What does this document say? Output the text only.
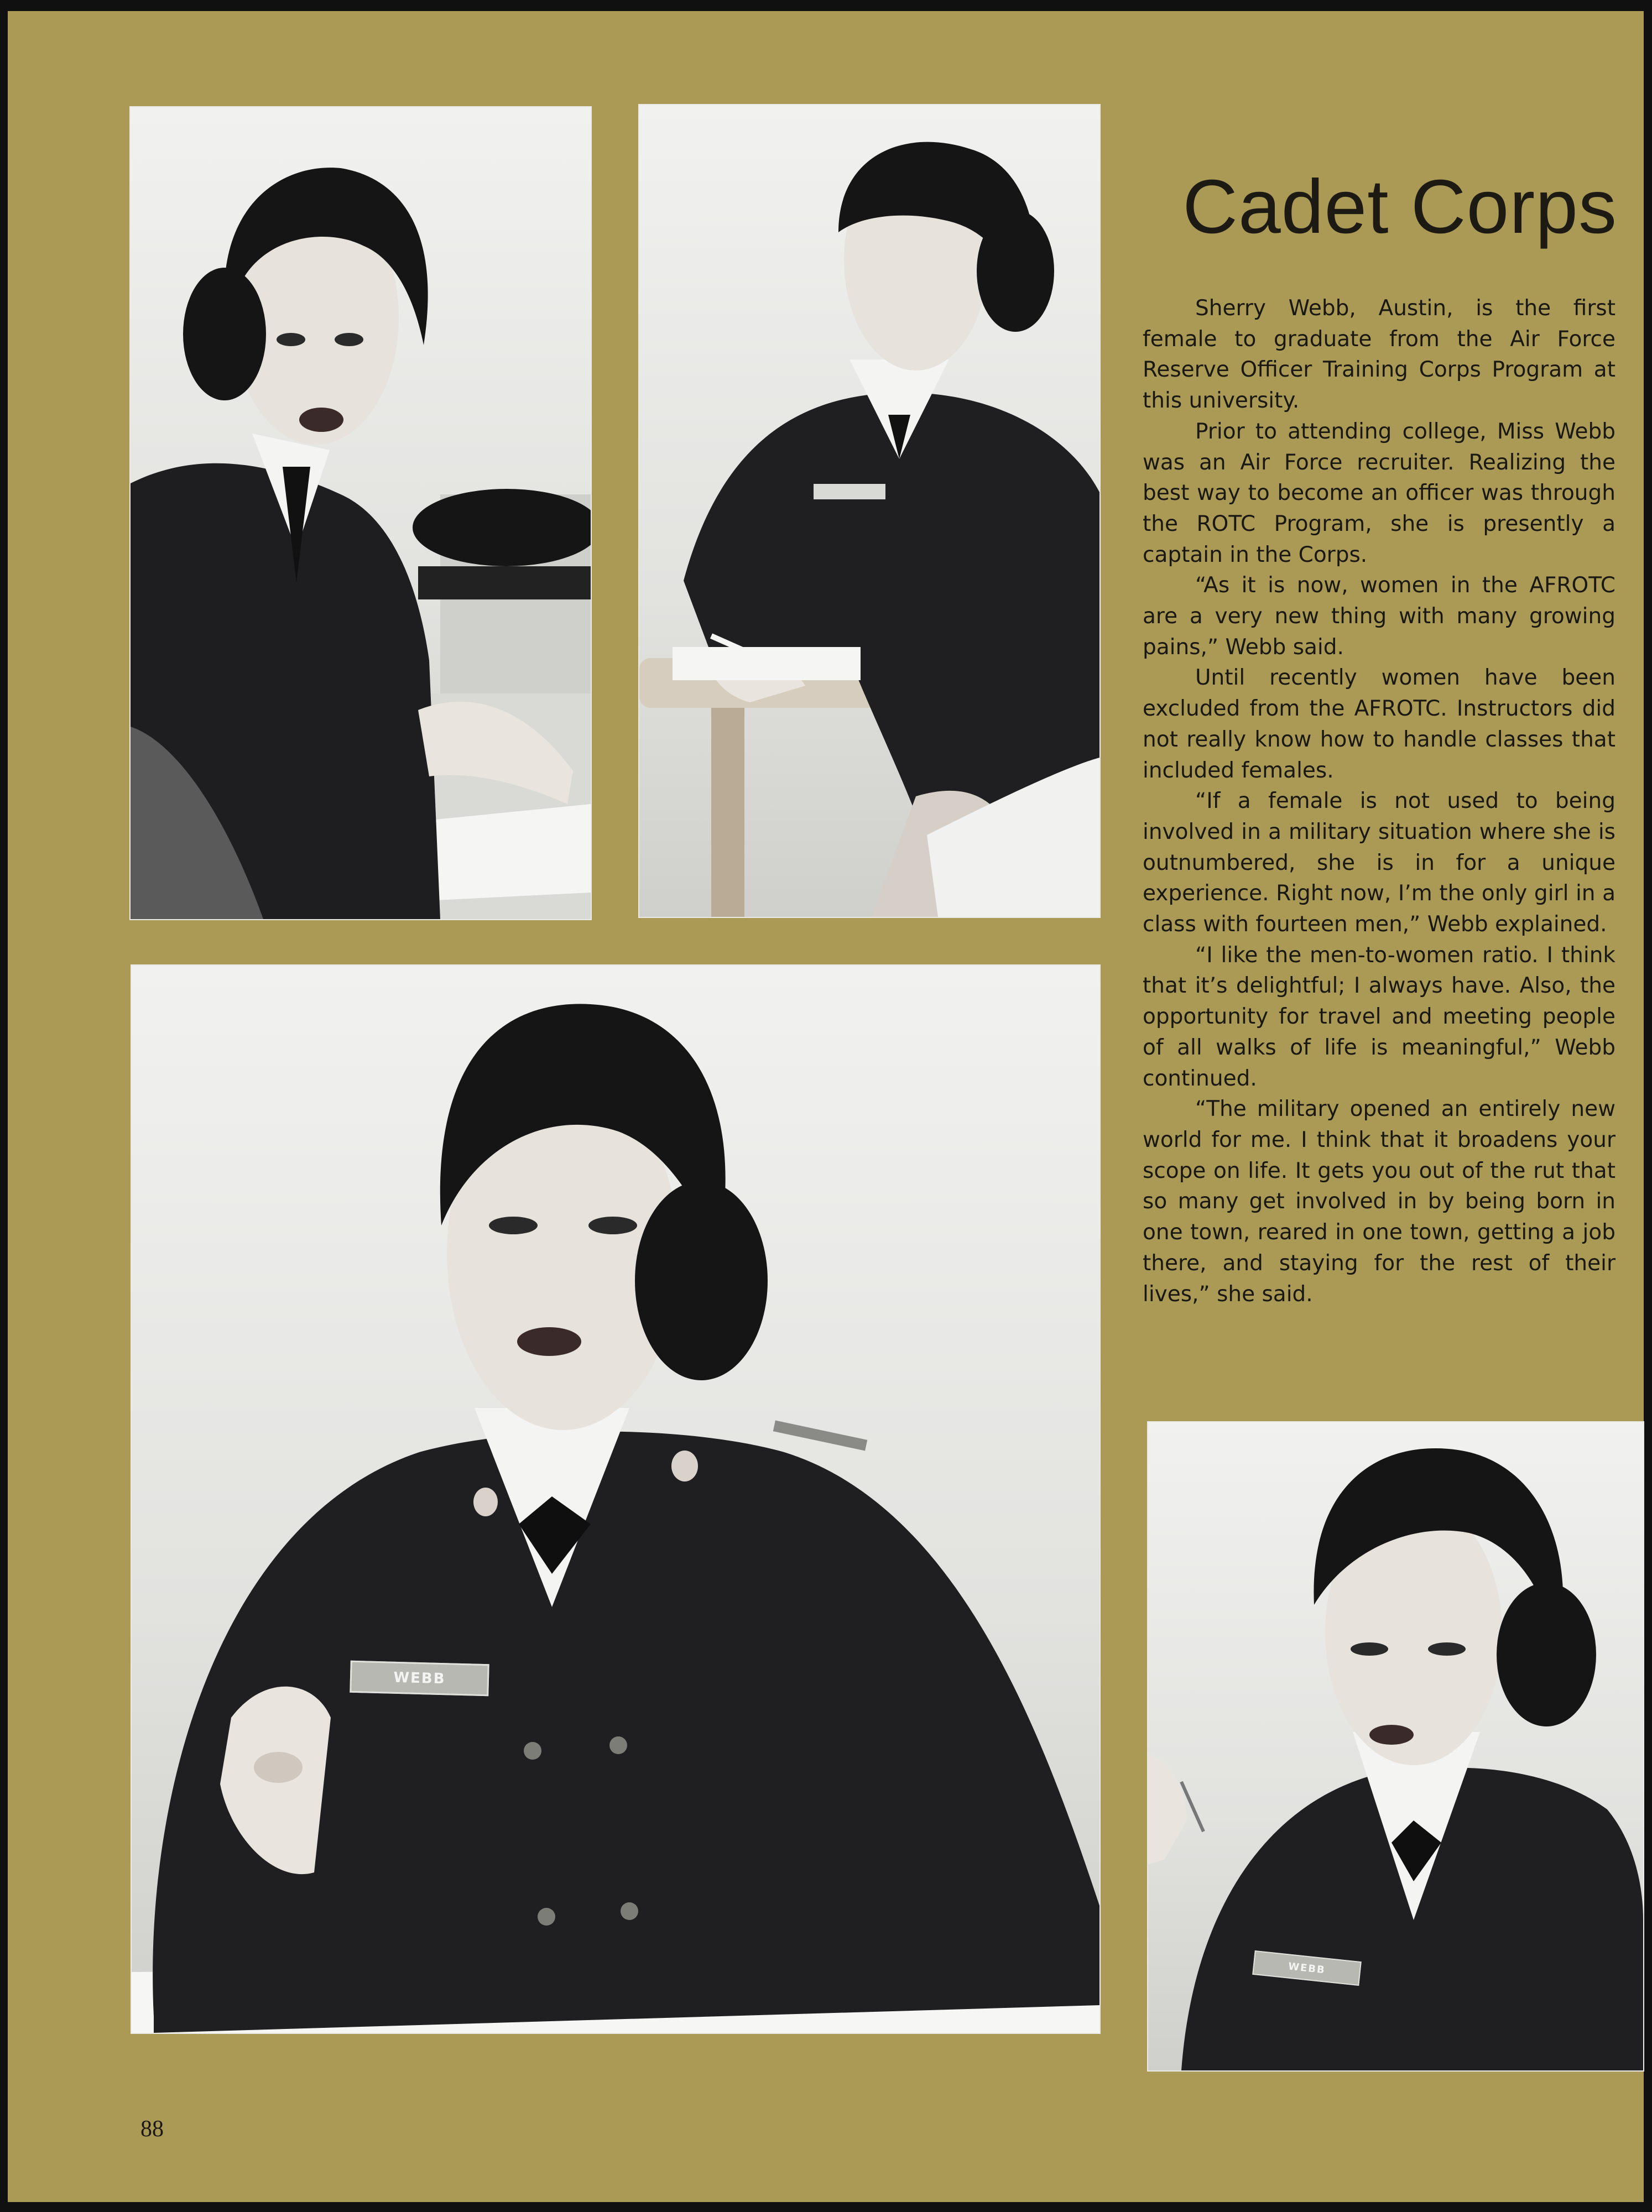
WEBB
WEBB
Cadet Corps

Sherry Webb, Austin, is the first female to graduate from the Air Force Reserve Officer Training Corps Program at this university.

Prior to attending college, Miss Webb was an Air Force recruiter. Realizing the best way to become an officer was through the ROTC Program, she is presently a captain in the Corps.

“As it is now, women in the AFROTC are a very new thing with many growing pains,” Webb said.

Until recently women have been excluded from the AFROTC. Instructors did not really know how to handle classes that included females.

“If a female is not used to being involved in a military situation where she is outnumbered, she is in for a unique experience. Right now, I’m the only girl in a class with fourteen men,” Webb explained.

“I like the men-to-women ratio. I think that it’s delightful; I always have. Also, the opportunity for travel and meeting people of all walks of life is meaningful,” Webb continued.

“The military opened an entirely new world for me. I think that it broadens your scope on life. It gets you out of the rut that so many get involved in by being born in one town, reared in one town, getting a job there, and staying for the rest of their lives,” she said.

88
